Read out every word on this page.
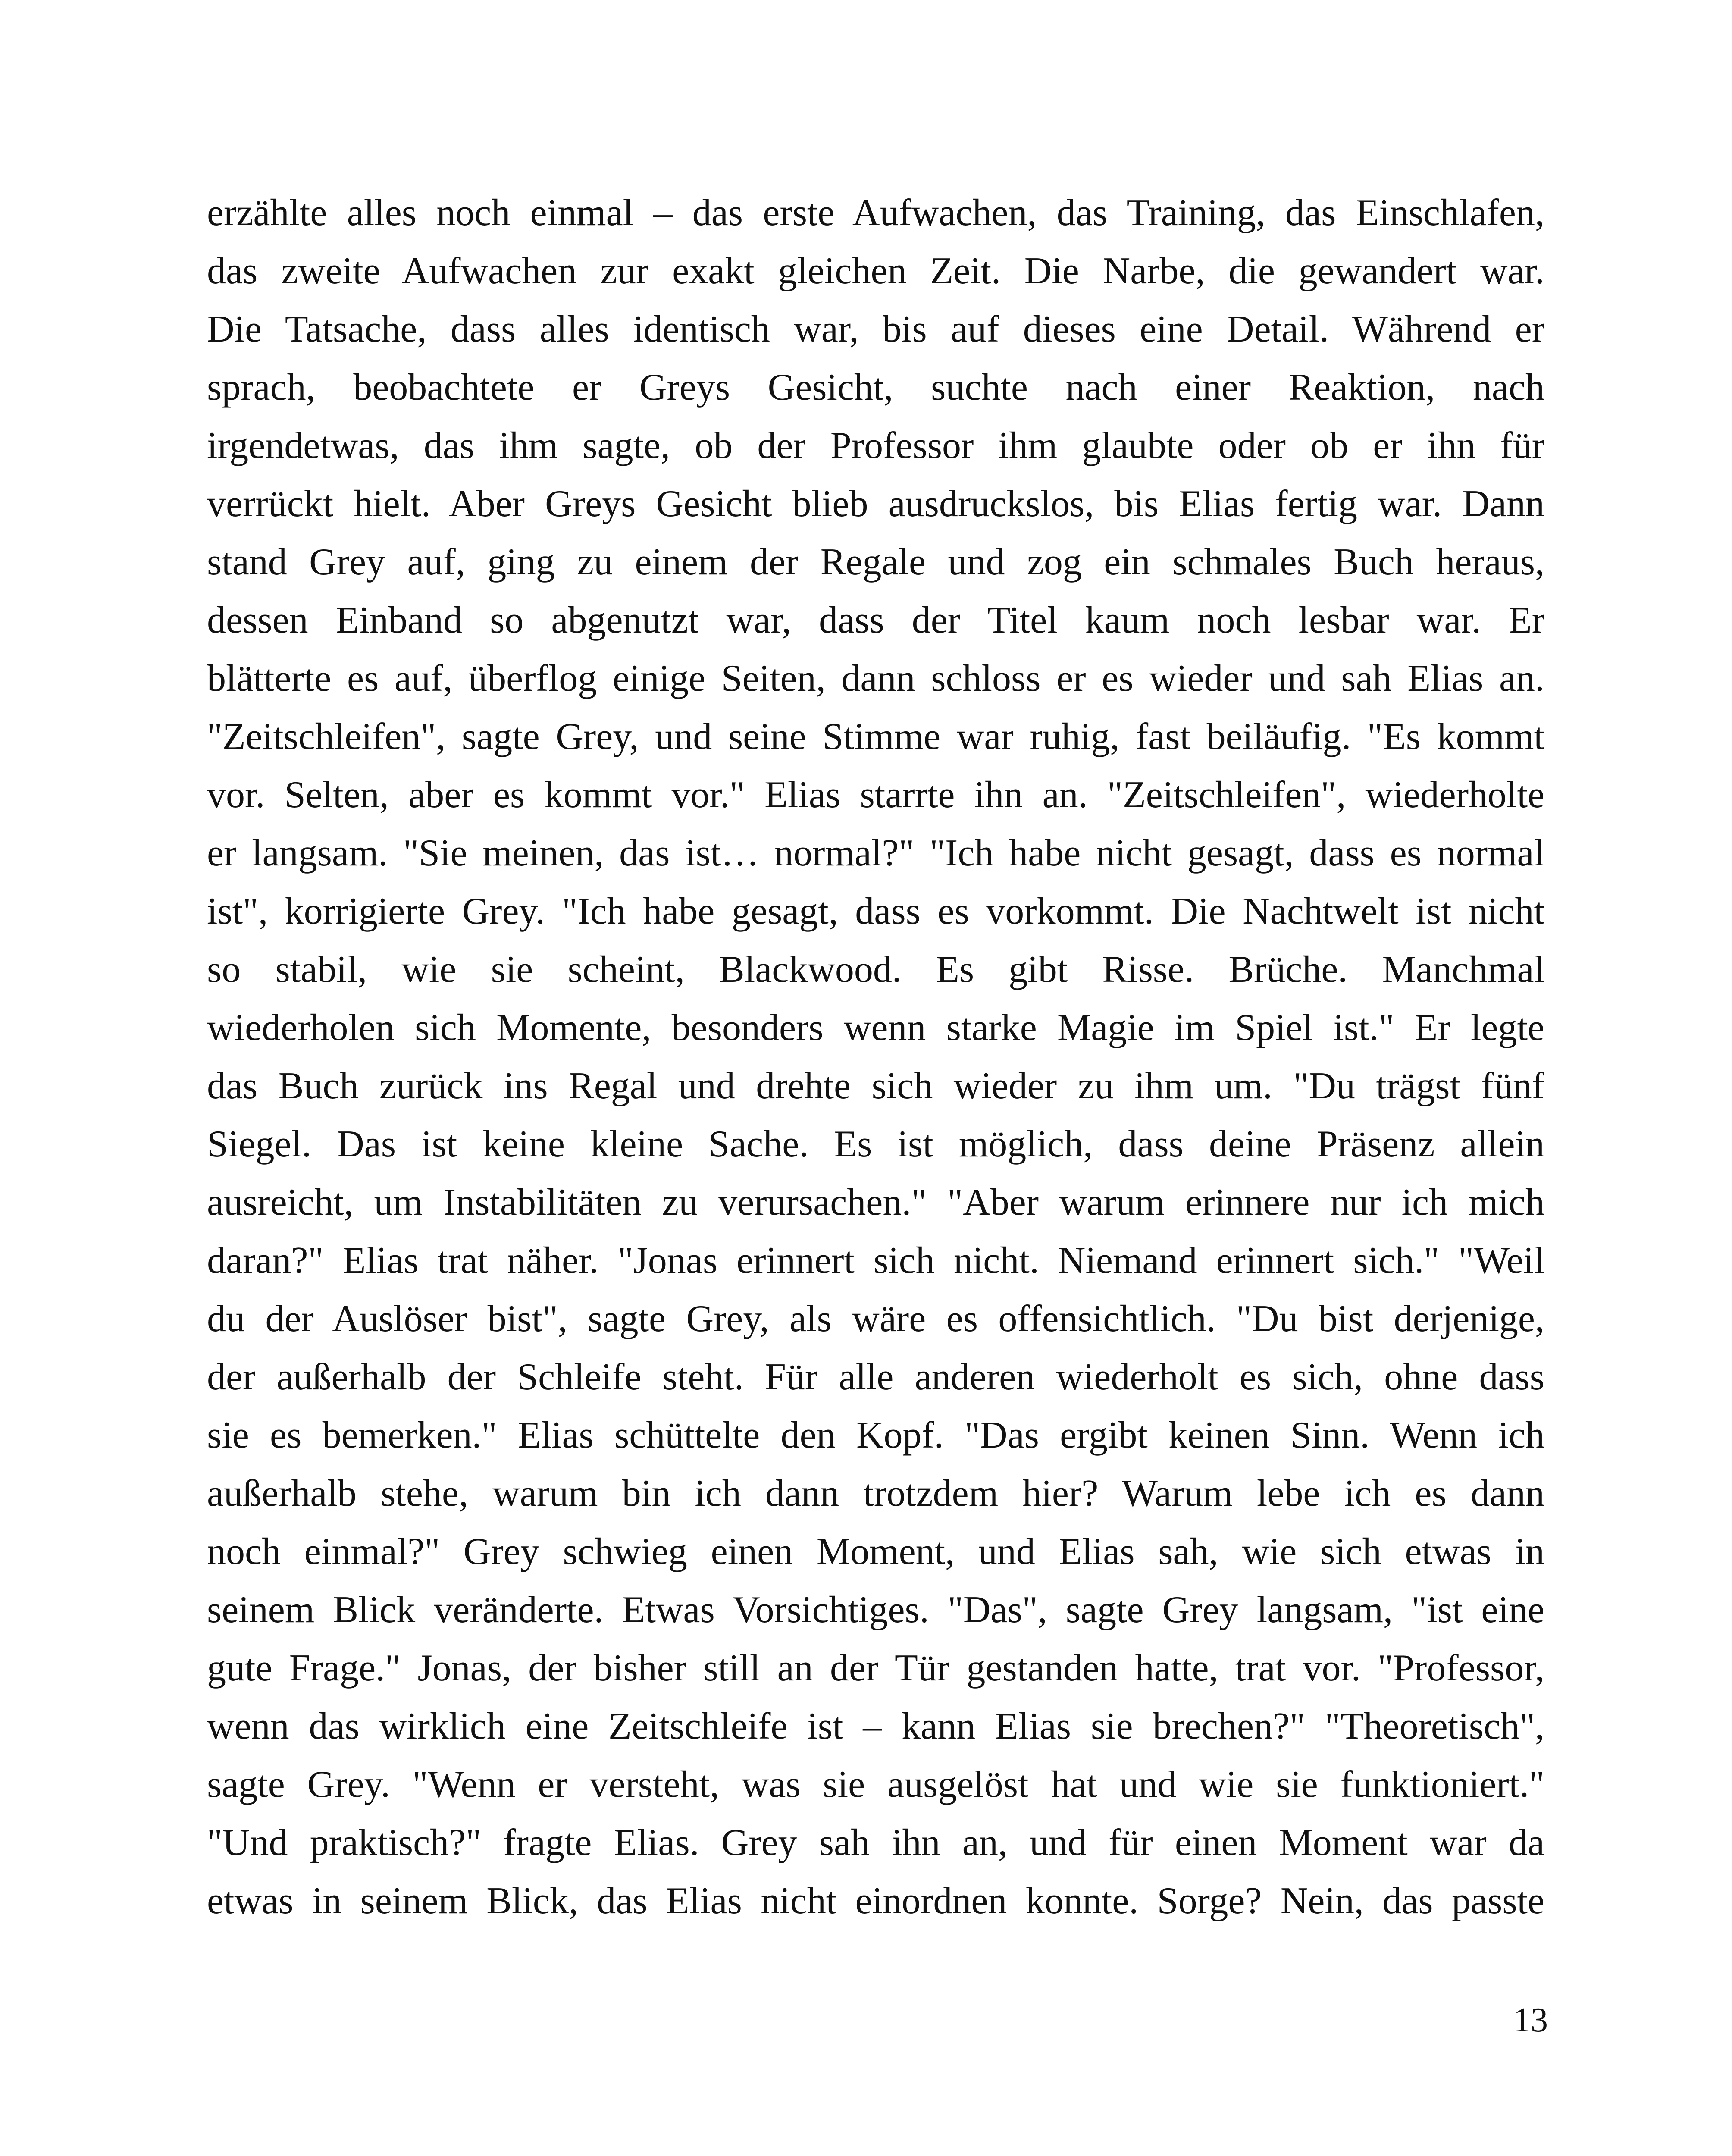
erzählte alles noch einmal – das erste Aufwachen, das Training, das Einschlafen,
das zweite Aufwachen zur exakt gleichen Zeit. Die Narbe, die gewandert war.
Die Tatsache, dass alles identisch war, bis auf dieses eine Detail. Während er
sprach, beobachtete er Greys Gesicht, suchte nach einer Reaktion, nach
irgendetwas, das ihm sagte, ob der Professor ihm glaubte oder ob er ihn für
verrückt hielt. Aber Greys Gesicht blieb ausdruckslos, bis Elias fertig war. Dann
stand Grey auf, ging zu einem der Regale und zog ein schmales Buch heraus,
dessen Einband so abgenutzt war, dass der Titel kaum noch lesbar war. Er
blätterte es auf, überflog einige Seiten, dann schloss er es wieder und sah Elias an.
"Zeitschleifen", sagte Grey, und seine Stimme war ruhig, fast beiläufig. "Es kommt
vor. Selten, aber es kommt vor." Elias starrte ihn an. "Zeitschleifen", wiederholte
er langsam. "Sie meinen, das ist… normal?" "Ich habe nicht gesagt, dass es normal
ist", korrigierte Grey. "Ich habe gesagt, dass es vorkommt. Die Nachtwelt ist nicht
so stabil, wie sie scheint, Blackwood. Es gibt Risse. Brüche. Manchmal
wiederholen sich Momente, besonders wenn starke Magie im Spiel ist." Er legte
das Buch zurück ins Regal und drehte sich wieder zu ihm um. "Du trägst fünf
Siegel. Das ist keine kleine Sache. Es ist möglich, dass deine Präsenz allein
ausreicht, um Instabilitäten zu verursachen." "Aber warum erinnere nur ich mich
daran?" Elias trat näher. "Jonas erinnert sich nicht. Niemand erinnert sich." "Weil
du der Auslöser bist", sagte Grey, als wäre es offensichtlich. "Du bist derjenige,
der außerhalb der Schleife steht. Für alle anderen wiederholt es sich, ohne dass
sie es bemerken." Elias schüttelte den Kopf. "Das ergibt keinen Sinn. Wenn ich
außerhalb stehe, warum bin ich dann trotzdem hier? Warum lebe ich es dann
noch einmal?" Grey schwieg einen Moment, und Elias sah, wie sich etwas in
seinem Blick veränderte. Etwas Vorsichtiges. "Das", sagte Grey langsam, "ist eine
gute Frage." Jonas, der bisher still an der Tür gestanden hatte, trat vor. "Professor,
wenn das wirklich eine Zeitschleife ist – kann Elias sie brechen?" "Theoretisch",
sagte Grey. "Wenn er versteht, was sie ausgelöst hat und wie sie funktioniert."
"Und praktisch?" fragte Elias. Grey sah ihn an, und für einen Moment war da
etwas in seinem Blick, das Elias nicht einordnen konnte. Sorge? Nein, das passte
13
